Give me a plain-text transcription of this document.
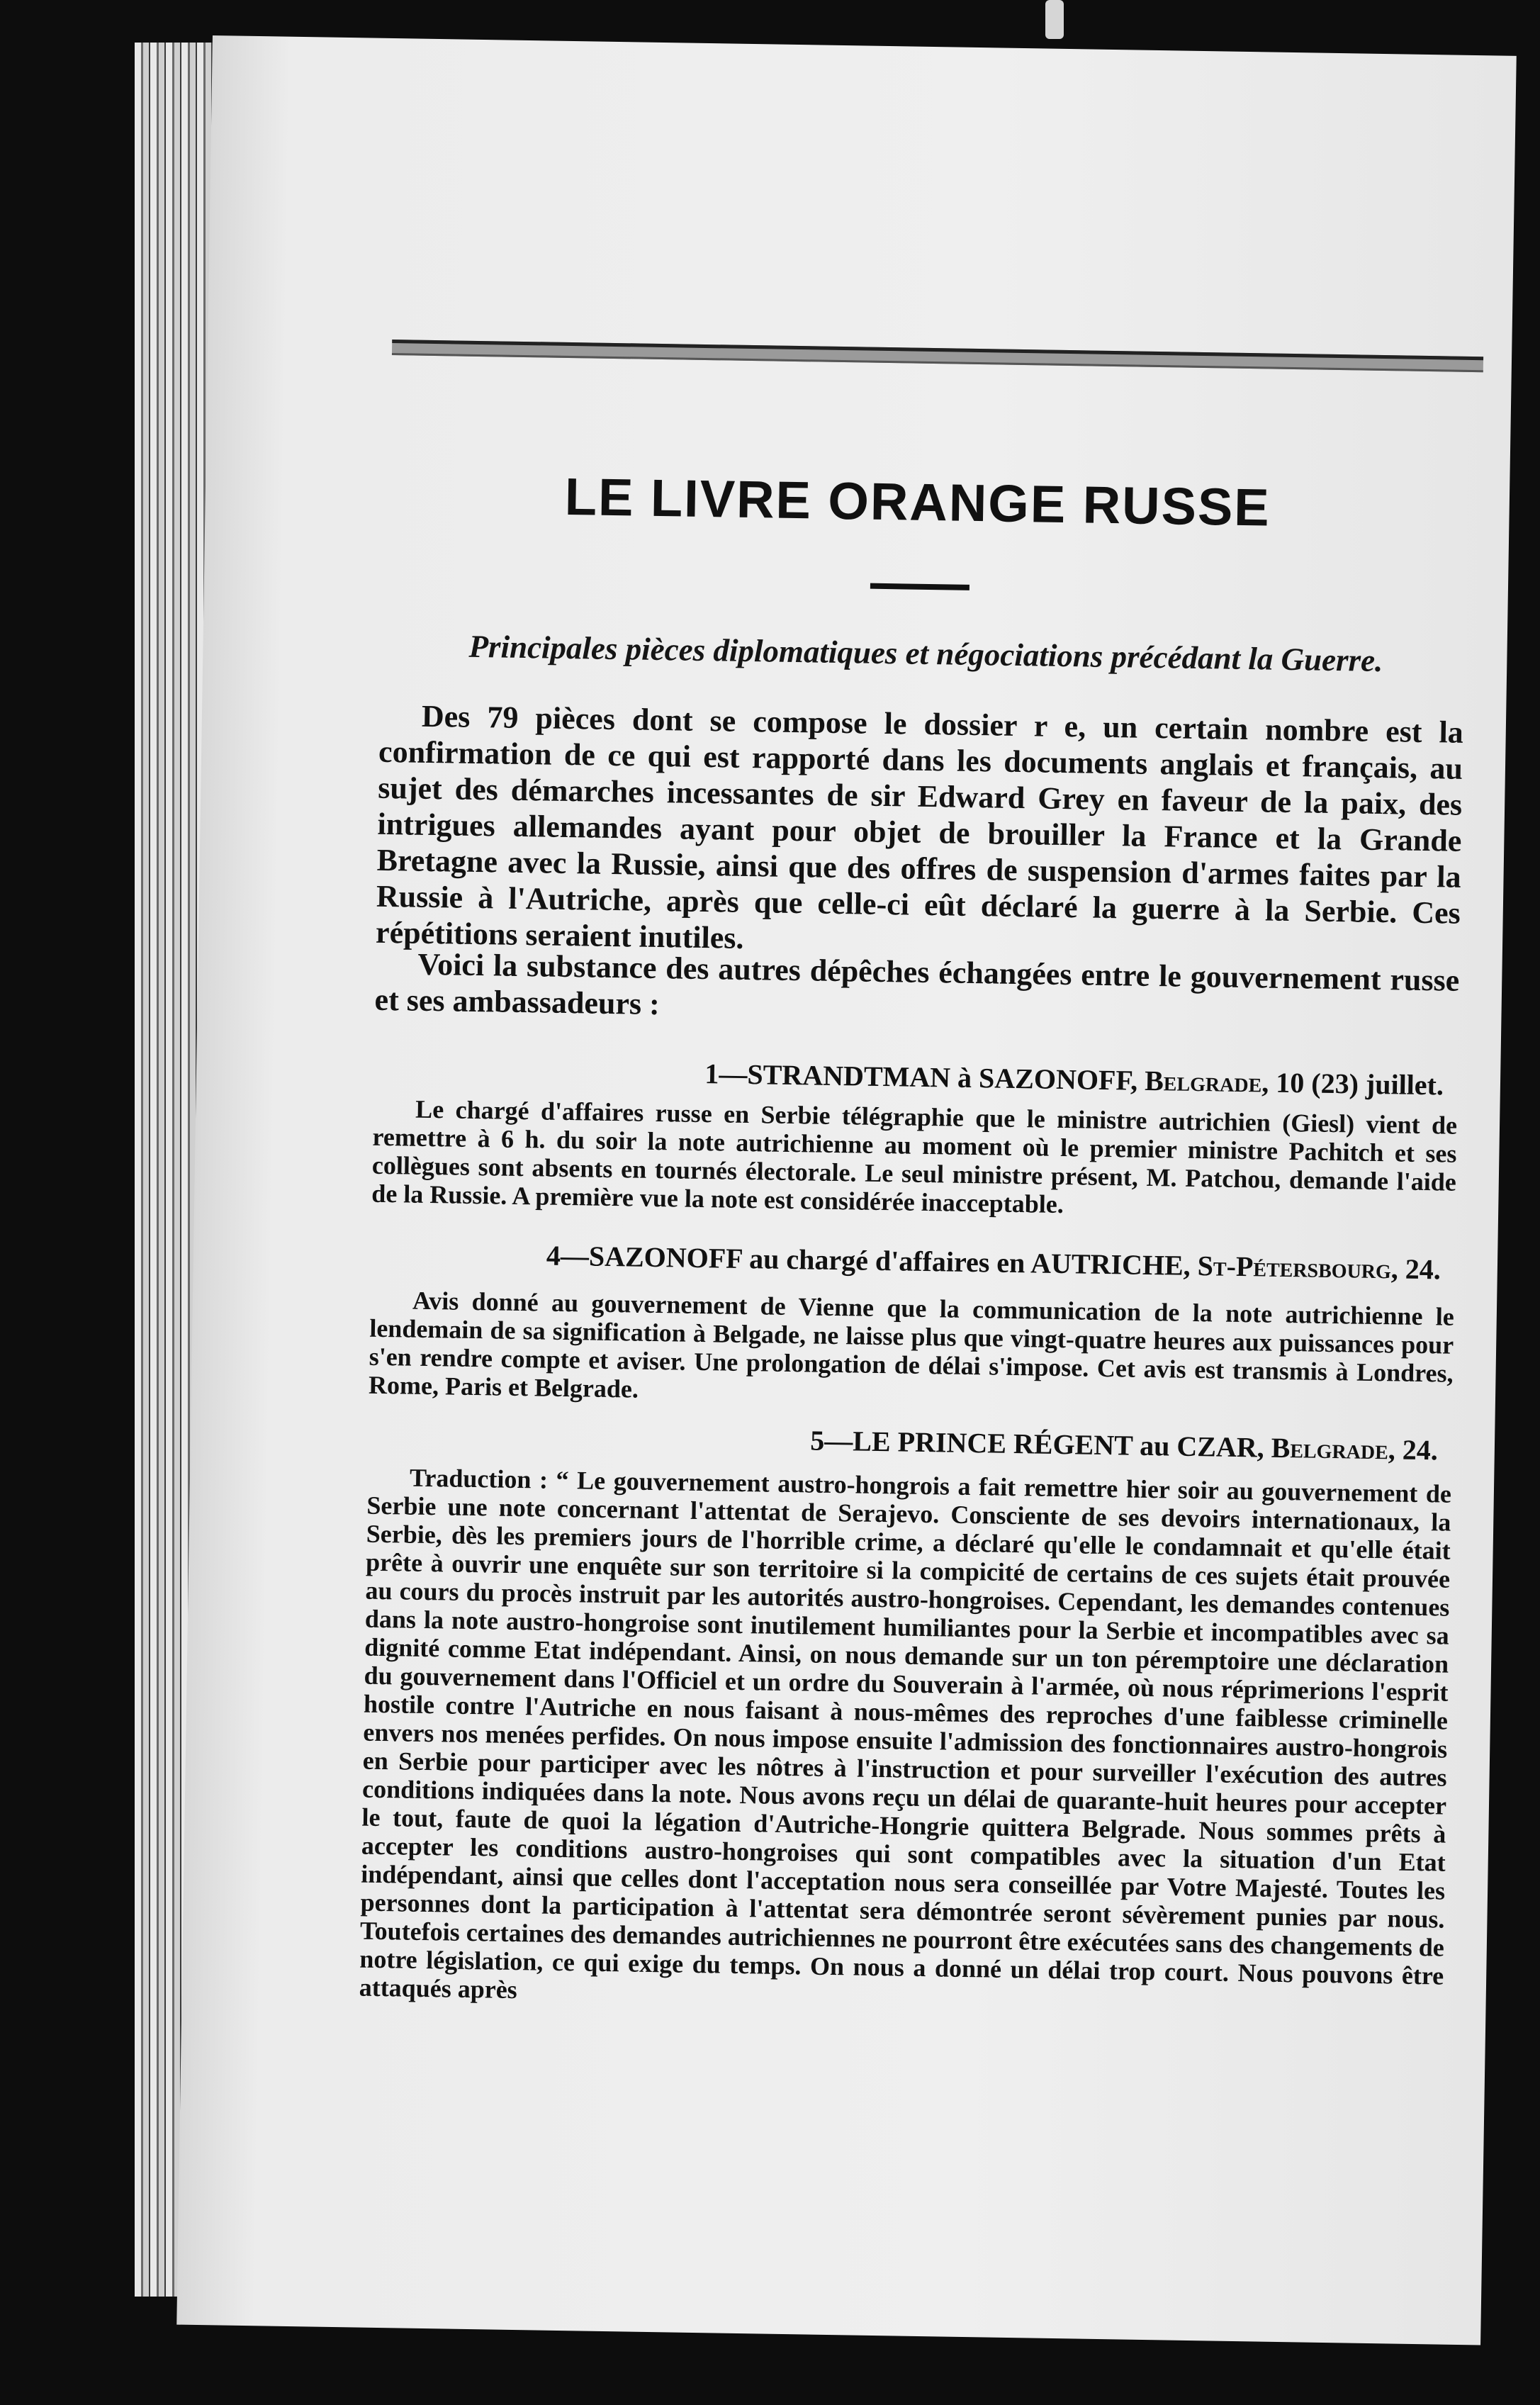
LE LIVRE ORANGE RUSSE
Principales pièces diplomatiques et négociations précédant la Guerre.
Des 79 pièces dont se compose le dossier r e, un certain nombre est la confirmation de ce qui est rapporté dans les documents anglais et français, au sujet des démarches incessantes de sir Edward Grey en faveur de la paix, des intrigues allemandes ayant pour objet de brouiller la France et la Grande Bretagne avec la Russie, ainsi que des offres de suspension d'armes faites par la Russie à l'Autriche, après que celle-ci eût déclaré la guerre à la Serbie. Ces répétitions seraient inutiles.
Voici la substance des autres dépêches échangées entre le gouvernement russe et ses ambassadeurs :
1—STRANDTMAN à SAZONOFF, Belgrade, 10 (23) juillet.
Le chargé d'affaires russe en Serbie télégraphie que le ministre autrichien (Giesl) vient de remettre à 6 h. du soir la note autrichienne au moment où le premier ministre Pachitch et ses collègues sont absents en tournés électorale. Le seul ministre présent, M. Patchou, demande l'aide de la Russie. A première vue la note est considérée inacceptable.
4—SAZONOFF au chargé d'affaires en AUTRICHE, St-Pétersbourg, 24.
Avis donné au gouvernement de Vienne que la communication de la note autrichienne le lendemain de sa signification à Belgade, ne laisse plus que vingt-quatre heures aux puissances pour s'en rendre compte et aviser. Une prolongation de délai s'impose. Cet avis est transmis à Londres, Rome, Paris et Belgrade.
5—LE PRINCE RÉGENT au CZAR, Belgrade, 24.
Traduction : “ Le gouvernement austro-hongrois a fait remettre hier soir au gouvernement de Serbie une note concernant l'attentat de Serajevo. Consciente de ses devoirs internationaux, la Serbie, dès les premiers jours de l'horrible crime, a déclaré qu'elle le condamnait et qu'elle était prête à ouvrir une enquête sur son territoire si la compicité de certains de ces sujets était prouvée au cours du procès instruit par les autorités austro-hongroises. Cependant, les demandes contenues dans la note austro-hongroise sont inutilement humiliantes pour la Serbie et incompatibles avec sa dignité comme Etat indépendant. Ainsi, on nous demande sur un ton péremptoire une déclaration du gouvernement dans l'Officiel et un ordre du Souverain à l'armée, où nous réprimerions l'esprit hostile contre l'Autriche en nous faisant à nous-mêmes des reproches d'une faiblesse criminelle envers nos menées perfides. On nous impose ensuite l'admission des fonctionnaires austro-hongrois en Serbie pour participer avec les nôtres à l'instruction et pour surveiller l'exécution des autres conditions indiquées dans la note. Nous avons reçu un délai de quarante-huit heures pour accepter le tout, faute de quoi la légation d'Autriche-Hongrie quittera Belgrade. Nous sommes prêts à accepter les conditions austro-hongroises qui sont compatibles avec la situation d'un Etat indépendant, ainsi que celles dont l'acceptation nous sera conseillée par Votre Majesté. Toutes les personnes dont la participation à l'attentat sera démontrée seront sévèrement punies par nous. Toutefois certaines des demandes autrichiennes ne pourront être exécutées sans des changements de notre législation, ce qui exige du temps. On nous a donné un délai trop court. Nous pouvons être attaqués après
